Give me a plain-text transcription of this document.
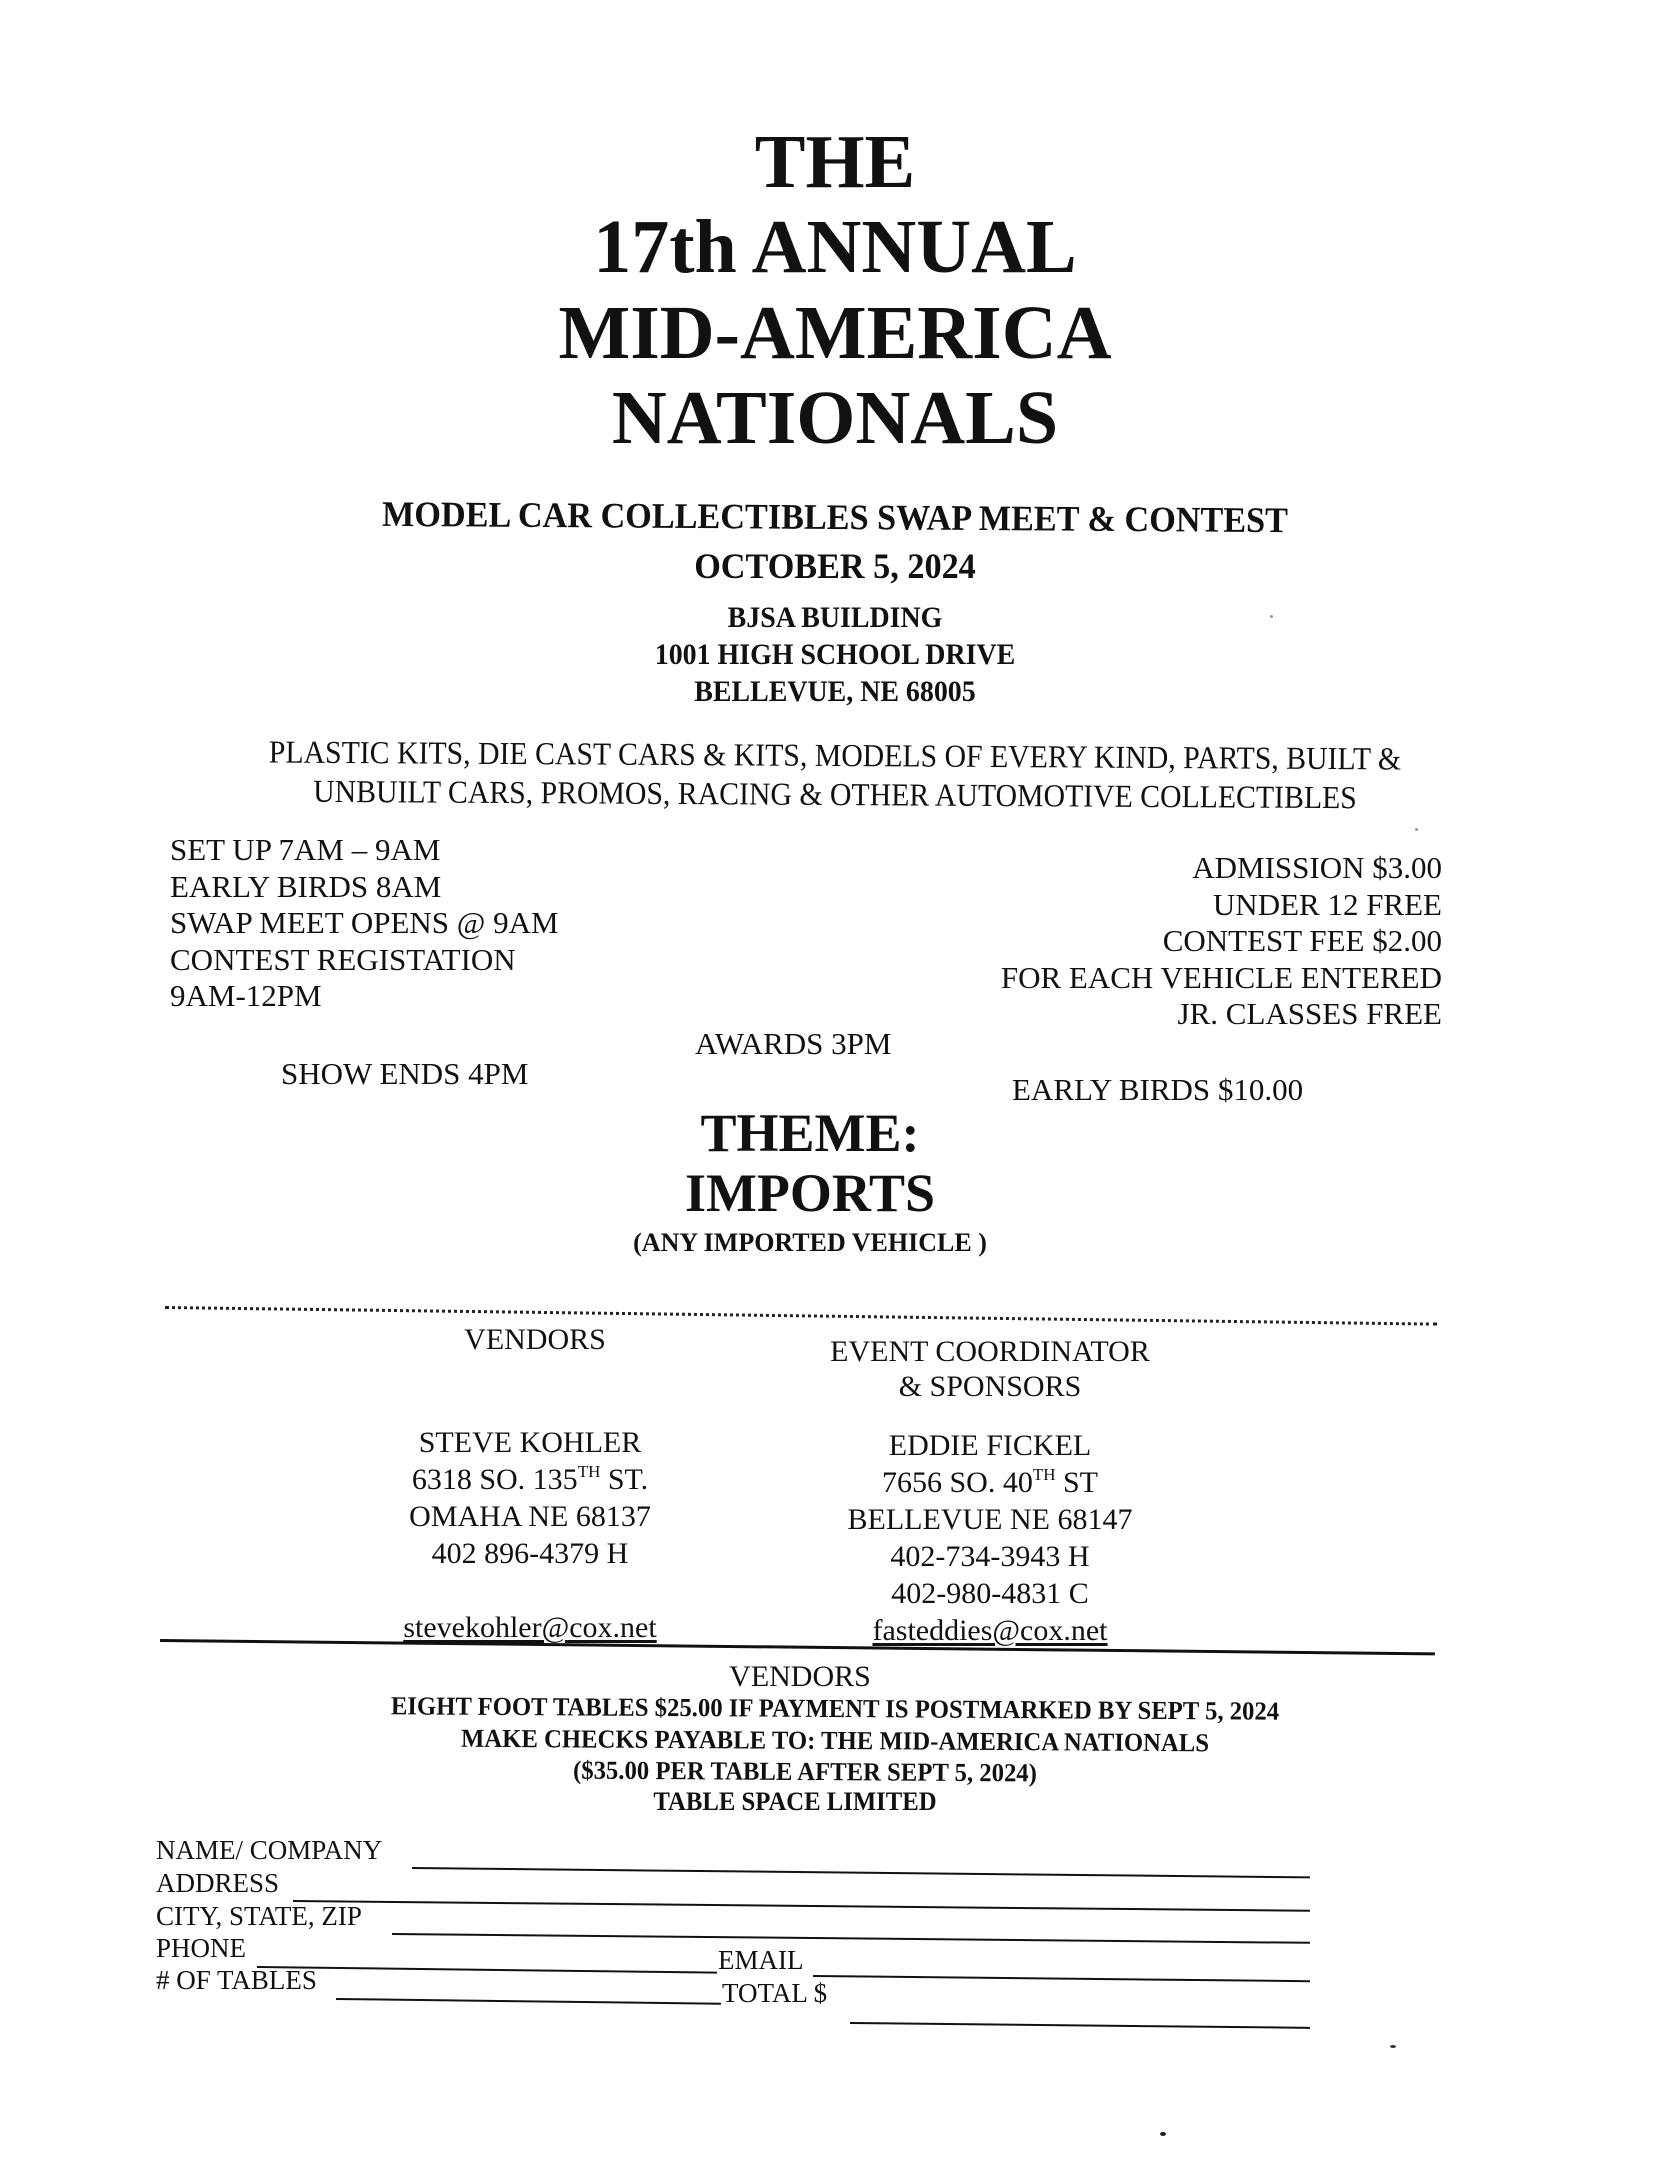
THE
17th ANNUAL
MID-AMERICA
NATIONALS
MODEL CAR COLLECTIBLES SWAP MEET & CONTEST
OCTOBER 5, 2024
BJSA BUILDING
1001 HIGH SCHOOL DRIVE
BELLEVUE, NE 68005
PLASTIC KITS, DIE CAST CARS & KITS, MODELS OF EVERY KIND, PARTS, BUILT &
UNBUILT CARS, PROMOS, RACING & OTHER AUTOMOTIVE COLLECTIBLES
SET UP 7AM – 9AM
EARLY BIRDS 8AM
SWAP MEET OPENS @ 9AM
CONTEST REGISTATION
9AM-12PM
AWARDS 3PM
SHOW ENDS 4PM
ADMISSION $3.00
UNDER 12 FREE
CONTEST FEE $2.00
FOR EACH VEHICLE ENTERED
JR. CLASSES FREE
EARLY BIRDS $10.00
THEME:
IMPORTS
(ANY IMPORTED VEHICLE )
VENDORS	EVENT COORDINATOR
& SPONSORS
STEVE KOHLER
6318 SO. 135TH ST.
OMAHA NE 68137
402 896-4379 H
stevekohler@cox.net
EDDIE FICKEL
7656 SO. 40TH ST
BELLEVUE NE 68147
402-734-3943 H
402-980-4831 C
fasteddies@cox.net
VENDORS
EIGHT FOOT TABLES $25.00 IF PAYMENT IS POSTMARKED BY SEPT 5, 2024
MAKE CHECKS PAYABLE TO: THE MID-AMERICA NATIONALS
($35.00 PER TABLE AFTER SEPT 5, 2024)
TABLE SPACE LIMITED
NAME/ COMPANY
ADDRESS
CITY, STATE, ZIP
PHONE	EMAIL
# OF TABLES	TOTAL $
